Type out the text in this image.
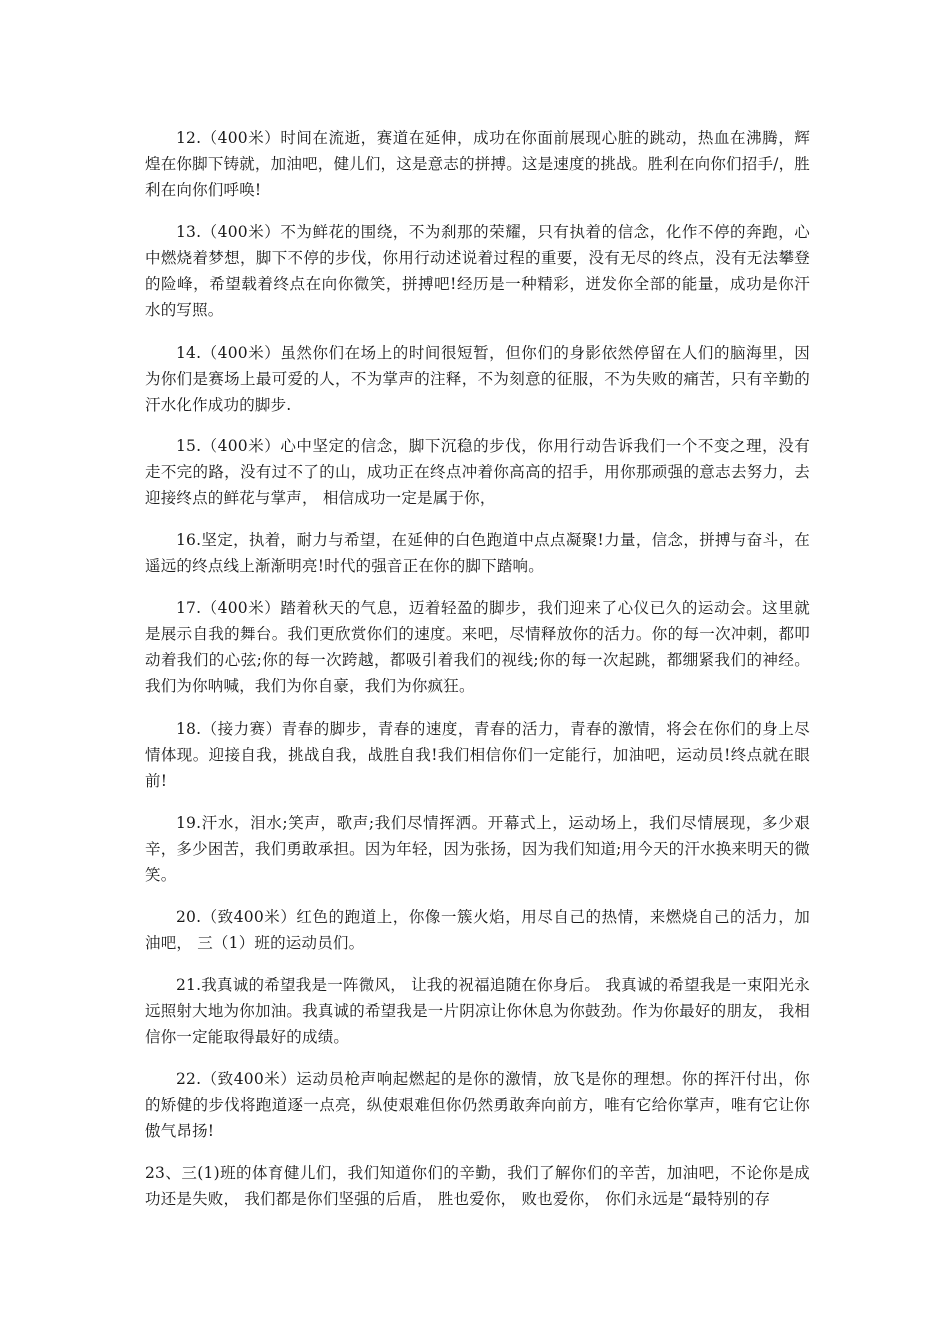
12.（400米）时间在流逝，赛道在延伸，成功在你面前展现心脏的跳动，热血在沸腾，辉煌在你脚下铸就，加油吧，健儿们，这是意志的拼搏。这是速度的挑战。胜利在向你们招手/，胜利在向你们呼唤!

13.（400米）不为鲜花的围绕，不为刹那的荣耀，只有执着的信念，化作不停的奔跑，心中燃烧着梦想，脚下不停的步伐，你用行动述说着过程的重要，没有无尽的终点，没有无法攀登的险峰，希望载着终点在向你微笑，拼搏吧!经历是一种精彩，迸发你全部的能量，成功是你汗水的写照。

14.（400米）虽然你们在场上的时间很短暂，但你们的身影依然停留在人们的脑海里，因为你们是赛场上最可爱的人，不为掌声的注释，不为刻意的征服，不为失败的痛苦，只有辛勤的汗水化作成功的脚步.

15.（400米）心中坚定的信念，脚下沉稳的步伐，你用行动告诉我们一个不变之理，没有走不完的路，没有过不了的山，成功正在终点冲着你高高的招手，用你那顽强的意志去努力，去迎接终点的鲜花与掌声， 相信成功一定是属于你，

16.坚定，执着，耐力与希望，在延伸的白色跑道中点点凝聚!力量，信念，拼搏与奋斗，在遥远的终点线上渐渐明亮!时代的强音正在你的脚下踏响。

17.（400米）踏着秋天的气息，迈着轻盈的脚步，我们迎来了心仪已久的运动会。这里就是展示自我的舞台。我们更欣赏你们的速度。来吧，尽情释放你的活力。你的每一次冲刺，都叩动着我们的心弦;你的每一次跨越，都吸引着我们的视线;你的每一次起跳，都绷紧我们的神经。 我们为你呐喊，我们为你自豪，我们为你疯狂。

18.（接力赛）青春的脚步，青春的速度，青春的活力，青春的激情，将会在你们的身上尽情体现。迎接自我，挑战自我，战胜自我!我们相信你们一定能行，加油吧，运动员!终点就在眼前!

19.汗水，泪水;笑声，歌声;我们尽情挥洒。开幕式上，运动场上，我们尽情展现，多少艰辛，多少困苦，我们勇敢承担。因为年轻，因为张扬，因为我们知道;用今天的汗水换来明天的微笑。

20.（致400米）红色的跑道上，你像一簇火焰，用尽自己的热情，来燃烧自己的活力，加油吧， 三（1）班的运动员们。

21.我真诚的希望我是一阵微风， 让我的祝福追随在你身后。 我真诚的希望我是一束阳光永远照射大地为你加油。我真诚的希望我是一片阴凉让你休息为你鼓劲。作为你最好的朋友， 我相信你一定能取得最好的成绩。

22.（致400米）运动员枪声响起燃起的是你的激情，放飞是你的理想。你的挥汗付出，你的矫健的步伐将跑道逐一点亮，纵使艰难但你仍然勇敢奔向前方，唯有它给你掌声，唯有它让你傲气昂扬!

23、三(1)班的体育健儿们，我们知道你们的辛勤，我们了解你们的辛苦，加油吧，不论你是成功还是失败， 我们都是你们坚强的后盾， 胜也爱你， 败也爱你， 你们永远是“最特别的存
